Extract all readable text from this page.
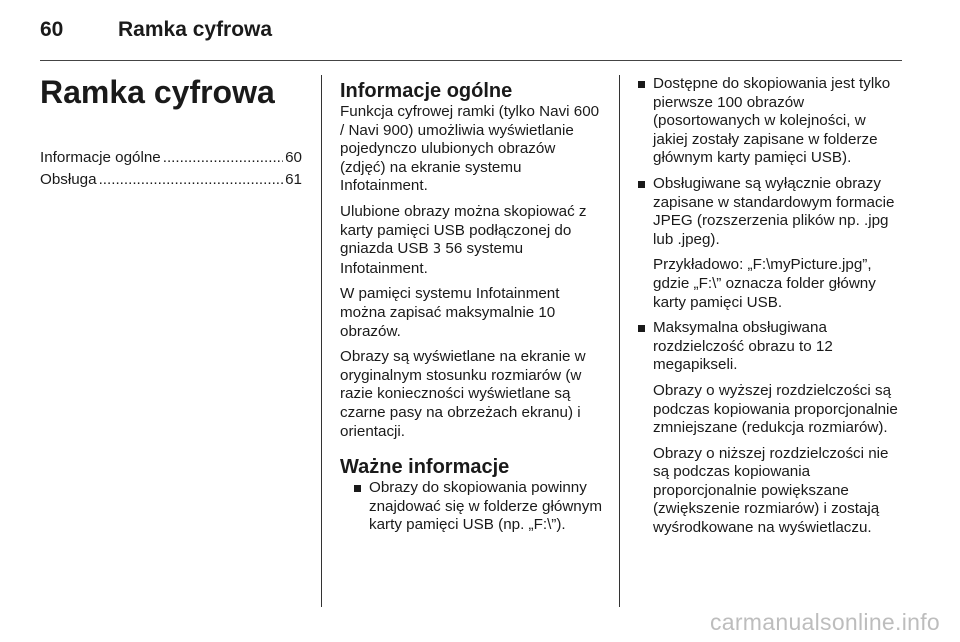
60	Ramka cyfrowa
Ramka cyfrowa
Informacje ogólne .....	60
Obsługa .....	61
Informacje ogólne

Funkcja cyfrowej ramki (tylko Navi 600 / Navi 900) umożliwia wyświetlanie pojedynczo ulubionych obrazów (zdjęć) na ekranie systemu Infotainment.

Ulubione obrazy można skopiować z karty pamięci USB podłączonej do gniazda USB 3 56 systemu Infotainment.

W pamięci systemu Infotainment można zapisać maksymalnie 10 obrazów.

Obrazy są wyświetlane na ekranie w oryginalnym stosunku rozmiarów (w razie konieczności wyświetlane są czarne pasy na obrzeżach ekranu) i orientacji.

Ważne informacje

Obrazy do skopiowania powinny znajdować się w folderze głównym karty pamięci USB (np. „F:\”).

Dostępne do skopiowania jest tylko pierwsze 100 obrazów (posortowanych w kolejności, w jakiej zostały zapisane w folderze głównym karty pamięci USB).

Obsługiwane są wyłącznie obrazy zapisane w standardowym formacie JPEG (rozszerzenia plików np. .jpg lub .jpeg).

Przykładowo: „F:\myPicture.jpg”, gdzie „F:\” oznacza folder główny karty pamięci USB.

Maksymalna obsługiwana rozdzielczość obrazu to 12 megapikseli.

Obrazy o wyższej rozdzielczości są podczas kopiowania proporcjonalnie zmniejszane (redukcja rozmiarów).

Obrazy o niższej rozdzielczości nie są podczas kopiowania proporcjonalnie powiększane (zwiększenie rozmiarów) i zostają wyśrodkowane na wyświetlaczu.

carmanualsonline.info
